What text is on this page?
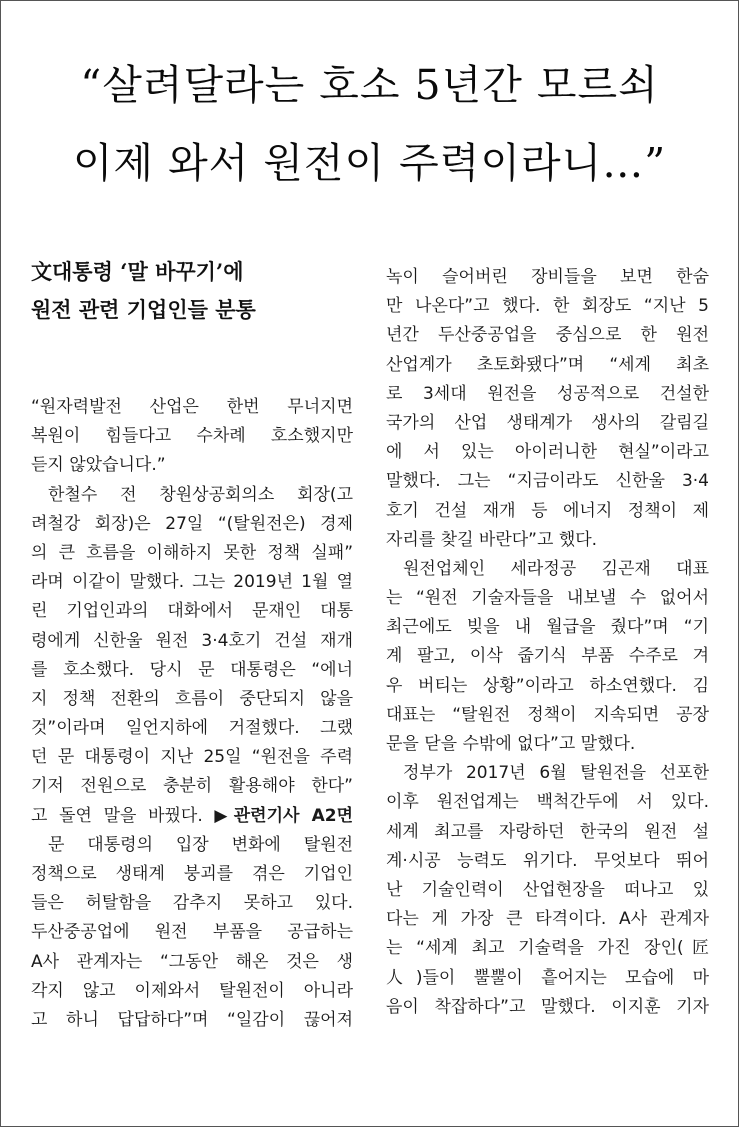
“살려달라는 호소 5년간 모르쇠
이제 와서 원전이 주력이라니…”
文대통령 ‘말 바꾸기’에
원전 관련 기업인들 분통
“원자력발전 산업은 한번 무너지면
복원이 힘들다고 수차례 호소했지만
듣지 않았습니다.”
한철수 전 창원상공회의소 회장(고
려철강 회장)은 27일 “(탈원전은) 경제
의 큰 흐름을 이해하지 못한 정책 실패”
라며 이같이 말했다. 그는 2019년 1월 열
린 기업인과의 대화에서 문재인 대통
령에게 신한울 원전 3·4호기 건설 재개
를 호소했다. 당시 문 대통령은 “에너
지 정책 전환의 흐름이 중단되지 않을
것”이라며 일언지하에 거절했다. 그랬
던 문 대통령이 지난 25일 “원전을 주력
기저 전원으로 충분히 활용해야 한다”
고 돌연 말을 바꿨다. ▶관련기사 A2면
문 대통령의 입장 변화에 탈원전
정책으로 생태계 붕괴를 겪은 기업인
들은 허탈함을 감추지 못하고 있다.
두산중공업에 원전 부품을 공급하는
A사 관계자는 “그동안 해온 것은 생
각지 않고 이제와서 탈원전이 아니라
고 하니 답답하다”며 “일감이 끊어져
녹이 슬어버린 장비들을 보면 한숨
만 나온다”고 했다. 한 회장도 “지난 5
년간 두산중공업을 중심으로 한 원전
산업계가 초토화됐다”며 “세계 최초
로 3세대 원전을 성공적으로 건설한
국가의 산업 생태계가 생사의 갈림길
에 서 있는 아이러니한 현실”이라고
말했다. 그는 “지금이라도 신한울 3·4
호기 건설 재개 등 에너지 정책이 제
자리를 찾길 바란다”고 했다.
원전업체인 세라정공 김곤재 대표
는 “원전 기술자들을 내보낼 수 없어서
최근에도 빚을 내 월급을 줬다”며 “기
계 팔고, 이삭 줍기식 부품 수주로 겨
우 버티는 상황”이라고 하소연했다. 김
대표는 “탈원전 정책이 지속되면 공장
문을 닫을 수밖에 없다”고 말했다.
정부가 2017년 6월 탈원전을 선포한
이후 원전업계는 백척간두에 서 있다.
세계 최고를 자랑하던 한국의 원전 설
계·시공 능력도 위기다. 무엇보다 뛰어
난 기술인력이 산업현장을 떠나고 있
다는 게 가장 큰 타격이다. A사 관계자
는 “세계 최고 기술력을 가진 장인(匠
人)들이 뿔뿔이 흩어지는 모습에 마
음이 착잡하다”고 말했다. 이지훈 기자
